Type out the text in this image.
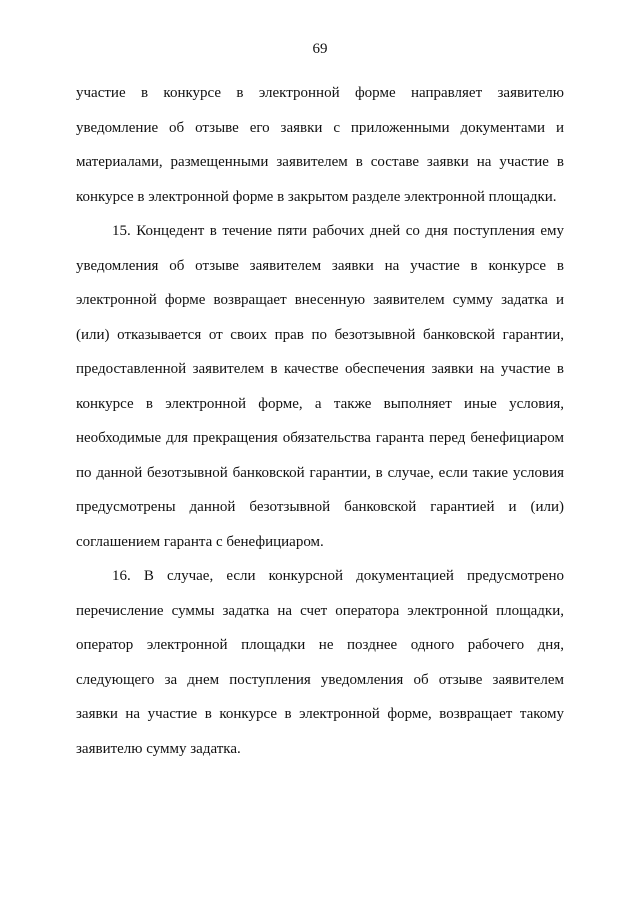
69

участие в конкурсе в электронной форме направляет заявителю уведомление об отзыве его заявки с приложенными документами и материалами, размещенными заявителем в составе заявки на участие в конкурсе в электронной форме в закрытом разделе электронной площадки.

15. Концедент в течение пяти рабочих дней со дня поступления ему уведомления об отзыве заявителем заявки на участие в конкурсе в электронной форме возвращает внесенную заявителем сумму задатка и (или) отказывается от своих прав по безотзывной банковской гарантии, предоставленной заявителем в качестве обеспечения заявки на участие в конкурсе в электронной форме, а также выполняет иные условия, необходимые для прекращения обязательства гаранта перед бенефициаром по данной безотзывной банковской гарантии, в случае, если такие условия предусмотрены данной безотзывной банковской гарантией и (или) соглашением гаранта с бенефициаром.

16. В случае, если конкурсной документацией предусмотрено перечисление суммы задатка на счет оператора электронной площадки, оператор электронной площадки не позднее одного рабочего дня, следующего за днем поступления уведомления об отзыве заявителем заявки на участие в конкурсе в электронной форме, возвращает такому заявителю сумму задатка.
